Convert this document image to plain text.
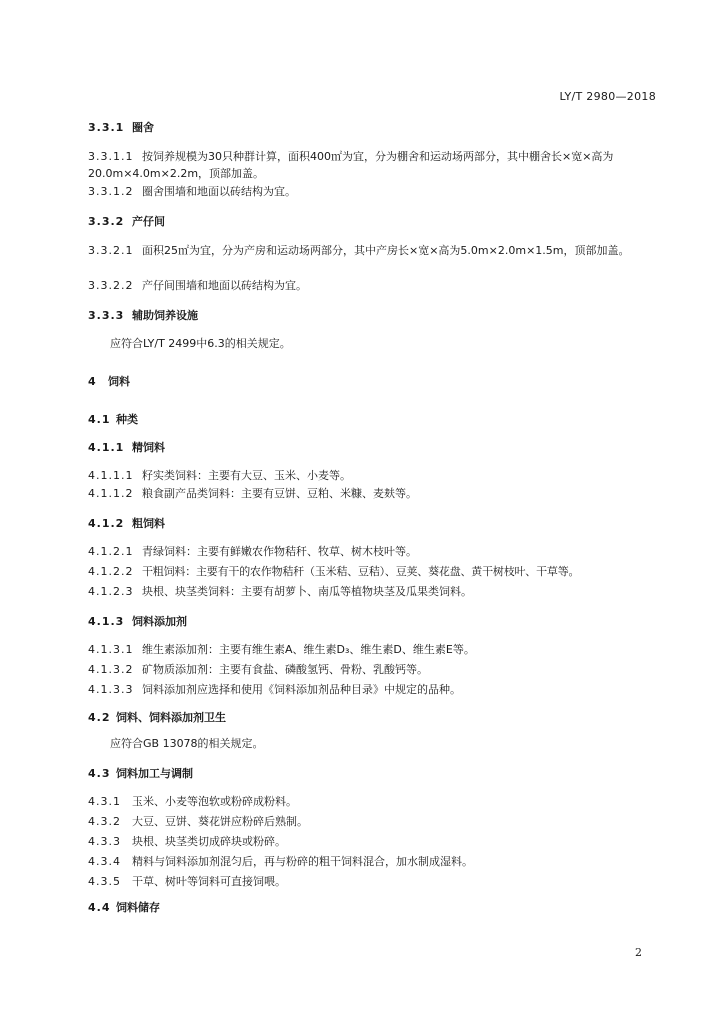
LY/T 2980—2018
3.3.1 圈舍
3.3.1.1 按饲养规模为30只种群计算，面积400㎡为宜，分为棚舍和运动场两部分，其中棚舍长×宽×高为20.0m×4.0m×2.2m，顶部加盖。
3.3.1.2 圈舍围墙和地面以砖结构为宜。
3.3.2 产仔间
3.3.2.1 面积25㎡为宜，分为产房和运动场两部分，其中产房长×宽×高为5.0m×2.0m×1.5m，顶部加盖。
3.3.2.2 产仔间围墙和地面以砖结构为宜。
3.3.3 辅助饲养设施
应符合LY/T 2499中6.3的相关规定。
4 饲料
4.1 种类
4.1.1 精饲料
4.1.1.1 籽实类饲料：主要有大豆、玉米、小麦等。
4.1.1.2 粮食副产品类饲料：主要有豆饼、豆粕、米糠、麦麸等。
4.1.2 粗饲料
4.1.2.1 青绿饲料：主要有鲜嫩农作物秸秆、牧草、树木枝叶等。
4.1.2.2 干粗饲料：主要有干的农作物秸秆（玉米秸、豆秸）、豆荚、葵花盘、黄干树枝叶、干草等。
4.1.2.3 块根、块茎类饲料：主要有胡萝卜、南瓜等植物块茎及瓜果类饲料。
4.1.3 饲料添加剂
4.1.3.1 维生素添加剂：主要有维生素A、维生素D₃、维生素D、维生素E等。
4.1.3.2 矿物质添加剂：主要有食盐、磷酸氢钙、骨粉、乳酸钙等。
4.1.3.3 饲料添加剂应选择和使用《饲料添加剂品种目录》中规定的品种。
4.2 饲料、饲料添加剂卫生
应符合GB 13078的相关规定。
4.3 饲料加工与调制
4.3.1 玉米、小麦等泡软或粉碎成粉料。
4.3.2 大豆、豆饼、葵花饼应粉碎后熟制。
4.3.3 块根、块茎类切成碎块或粉碎。
4.3.4 精料与饲料添加剂混匀后，再与粉碎的粗干饲料混合，加水制成湿料。
4.3.5 干草、树叶等饲料可直接饲喂。
4.4 饲料储存
2
